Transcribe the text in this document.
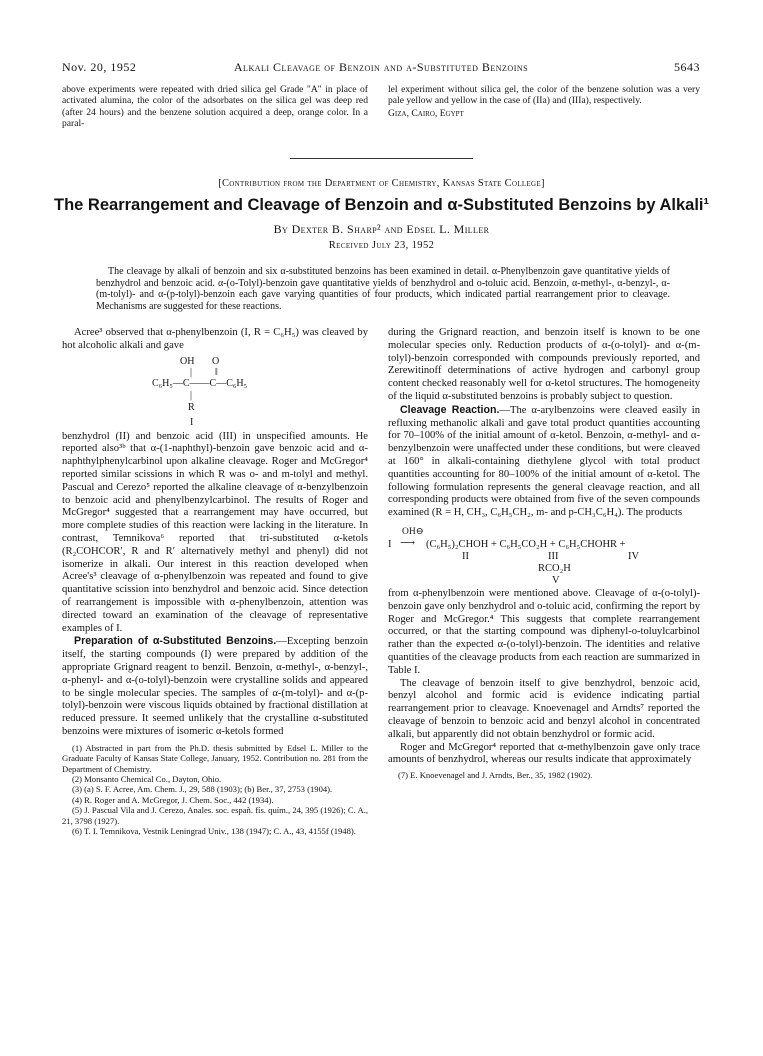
Nov. 20, 1952	Alkali Cleavage of Benzoin and α-Substituted Benzoins	5643

above experiments were repeated with dried silica gel Grade "A" in place of activated alumina, the color of the adsorbates on the silica gel was deep red (after 24 hours) and the benzene solution acquired a deep, orange color. In a paral-

lel experiment without silica gel, the color of the benzene solution was a very pale yellow and yellow in the case of (IIa) and (IIIa), respectively.

Giza, Cairo, Egypt

[Contribution from the Department of Chemistry, Kansas State College]
The Rearrangement and Cleavage of Benzoin and α-Substituted Benzoins by Alkali¹
By Dexter B. Sharp² and Edsel L. Miller
Received July 23, 1952

The cleavage by alkali of benzoin and six α-substituted benzoins has been examined in detail. α-Phenylbenzoin gave quantitative yields of benzhydrol and benzoic acid. α-(o-Tolyl)-benzoin gave quantitative yields of benzhydrol and o-toluic acid. Benzoin, α-methyl-, α-benzyl-, α-(m-tolyl)- and α-(p-tolyl)-benzoin each gave varying quantities of four products, which indicated partial rearrangement prior to cleavage. Mechanisms are suggested for these reactions.

Acree³ observed that α-phenylbenzoin (I, R = C₆H₅) was cleaved by hot alcoholic alkali and gave

OH O
| ‖
C₆H₅—C——C—C₆H₅
|
R
I

benzhydrol (II) and benzoic acid (III) in unspecified amounts. He reported also³ᵇ that α-(1-naphthyl)-benzoin gave benzoic acid and α-naphthylphenylcarbinol upon alkaline cleavage. Roger and McGregor⁴ reported similar scissions in which R was o- and m-tolyl and methyl. Pascual and Cerezo⁵ reported the alkaline cleavage of α-benzylbenzoin to benzoic acid and phenylbenzylcarbinol. The results of Roger and McGregor⁴ suggested that a rearrangement may have occurred, but more complete studies of this reaction were lacking in the literature. In contrast, Temnikova⁶ reported that tri-substituted α-ketols (R₂COHCOR′, R and R′ alternatively methyl and phenyl) did not isomerize in alkali. Our interest in this reaction developed when Acree's³ cleavage of α-phenylbenzoin was repeated and found to give quantitative scission into benzhydrol and benzoic acid. Since detection of rearrangement is impossible with α-phenylbenzoin, attention was directed toward an examination of the cleavage of representative examples of I.

Preparation of α-Substituted Benzoins.—Excepting benzoin itself, the starting compounds (I) were prepared by addition of the appropriate Grignard reagent to benzil. Benzoin, α-methyl-, α-benzyl-, α-phenyl- and α-(o-tolyl)-benzoin were crystalline solids and appeared to be single molecular species. The samples of α-(m-tolyl)- and α-(p-tolyl)-benzoin were viscous liquids obtained by fractional distillation at reduced pressure. It seemed unlikely that the crystalline α-substituted benzoins were mixtures of isomeric α-ketols formed

(1) Abstracted in part from the Ph.D. thesis submitted by Edsel L. Miller to the Graduate Faculty of Kansas State College, January, 1952. Contribution no. 281 from the Department of Chemistry.

(2) Monsanto Chemical Co., Dayton, Ohio.

(3) (a) S. F. Acree, Am. Chem. J., 29, 588 (1903); (b) Ber., 37, 2753 (1904).

(4) R. Roger and A. McGregor, J. Chem. Soc., 442 (1934).

(5) J. Pascual Vila and J. Cerezo, Anales. soc. españ. fís. quím., 24, 395 (1926); C. A., 21, 3798 (1927).

(6) T. I. Temnikova, Vestnik Leningrad Univ., 138 (1947); C. A., 43, 4155f (1948).

during the Grignard reaction, and benzoin itself is known to be one molecular species only. Reduction products of α-(o-tolyl)- and α-(m-tolyl)-benzoin corresponded with compounds previously reported, and Zerewitinoff determinations of active hydrogen and carbonyl group content checked reasonably well for α-ketol structures. The homogeneity of the liquid α-substituted benzoins is probably subject to question.

Cleavage Reaction.—The α-arylbenzoins were cleaved easily in refluxing methanolic alkali and gave total product quantities accounting for 70–100% of the initial amount of α-ketol. Benzoin, α-methyl- and α-benzylbenzoin were unaffected under these conditions, but were cleaved at 160° in alkali-containing diethylene glycol with total product quantities accounting for 80–100% of the initial amount of α-ketol. The following formulation represents the general cleavage reaction, and all corresponding products were obtained from five of the seven compounds examined (R = H, CH₃, C₆H₅CH₂, m- and p-CH₃C₆H₄). The products

OH⊖
I ⟶ (C₆H₅)₂CHOH + C₆H₅CO₂H + C₆H₅CHOHR +
II	III	IV
RCO₂H
V

from α-phenylbenzoin were mentioned above. Cleavage of α-(o-tolyl)-benzoin gave only benzhydrol and o-toluic acid, confirming the report by Roger and McGregor.⁴ This suggests that complete rearrangement occurred, or that the starting compound was diphenyl-o-toluylcarbinol rather than the expected α-(o-tolyl)-benzoin. The identities and relative quantities of the cleavage products from each reaction are summarized in Table I.

The cleavage of benzoin itself to give benzhydrol, benzoic acid, benzyl alcohol and formic acid is evidence indicating partial rearrangement prior to cleavage. Knoevenagel and Arndts⁷ reported the cleavage of benzoin to benzoic acid and benzyl alcohol in concentrated alkali, but apparently did not obtain benzhydrol or formic acid.

Roger and McGregor⁴ reported that α-methylbenzoin gave only trace amounts of benzhydrol, whereas our results indicate that approximately

(7) E. Knoevenagel and J. Arndts, Ber., 35, 1982 (1902).
